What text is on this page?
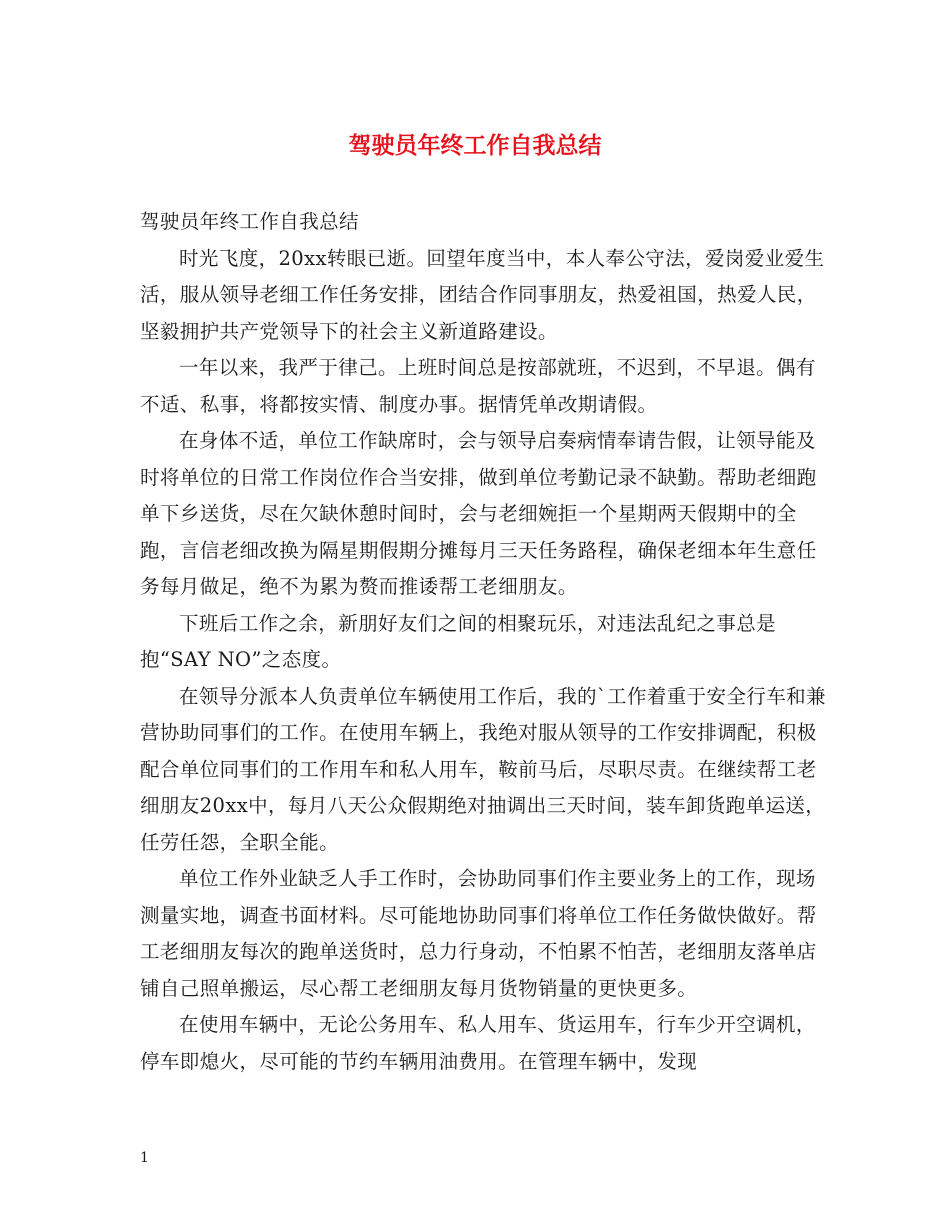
驾驶员年终工作自我总结

驾驶员年终工作自我总结

时光飞度，20xx转眼已逝。回望年度当中，本人奉公守法，爱岗爱业爱生活，服从领导老细工作任务安排，团结合作同事朋友，热爱祖国，热爱人民，坚毅拥护共产党领导下的社会主义新道路建设。

一年以来，我严于律己。上班时间总是按部就班，不迟到，不早退。偶有不适、私事，将都按实情、制度办事。据情凭单改期请假。

在身体不适，单位工作缺席时，会与领导启奏病情奉请告假，让领导能及时将单位的日常工作岗位作合当安排，做到单位考勤记录不缺勤。帮助老细跑单下乡送货，尽在欠缺休憩时间时，会与老细婉拒一个星期两天假期中的全跑，言信老细改换为隔星期假期分摊每月三天任务路程，确保老细本年生意任务每月做足，绝不为累为赘而推诿帮工老细朋友。

下班后工作之余，新朋好友们之间的相聚玩乐，对违法乱纪之事总是抱“SAY NO”之态度。

在领导分派本人负责单位车辆使用工作后，我的`工作着重于安全行车和兼营协助同事们的工作。在使用车辆上，我绝对服从领导的工作安排调配，积极配合单位同事们的工作用车和私人用车，鞍前马后，尽职尽责。在继续帮工老细朋友20xx中，每月八天公众假期绝对抽调出三天时间，装车卸货跑单运送，任劳任怨，全职全能。

单位工作外业缺乏人手工作时，会协助同事们作主要业务上的工作，现场测量实地，调查书面材料。尽可能地协助同事们将单位工作任务做快做好。帮工老细朋友每次的跑单送货时，总力行身动，不怕累不怕苦，老细朋友落单店铺自己照单搬运，尽心帮工老细朋友每月货物销量的更快更多。

在使用车辆中，无论公务用车、私人用车、货运用车，行车少开空调机，停车即熄火，尽可能的节约车辆用油费用。在管理车辆中，发现

1
